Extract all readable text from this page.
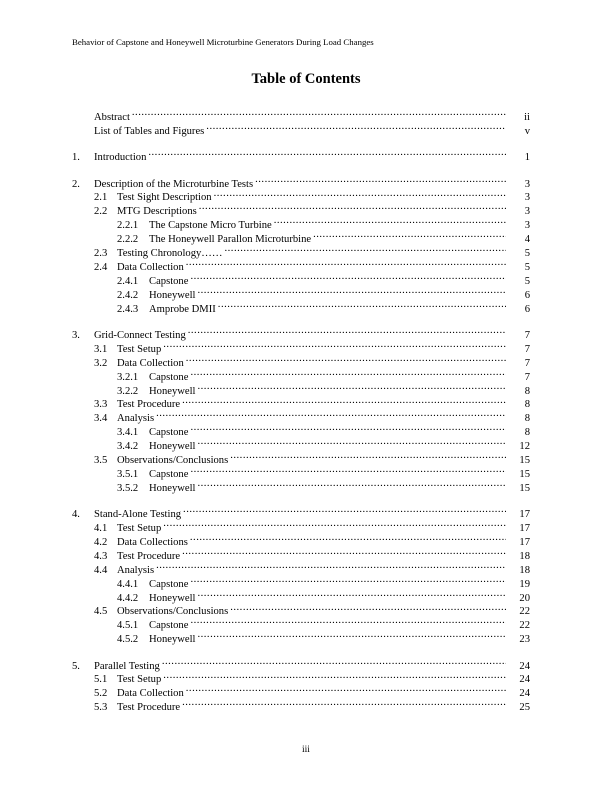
Behavior of Capstone and Honeywell Microturbine Generators During Load Changes
Table of Contents
Abstract .....	ii
List of Tables and Figures .....	v
1.	Introduction .....	1
2.	Description of the Microturbine Tests .....	3
2.1 Test Sight Description .....	3
2.2 MTG Descriptions .....	3
2.2.1	The Capstone Micro Turbine .....	3
2.2.2	The Honeywell Parallon Microturbine .....	4
2.3 Testing Chronology…… .....	5
2.4 Data Collection .....	5
2.4.1	Capstone .....	5
2.4.2	Honeywell .....	6
2.4.3	Amprobe DMII .....	6
3.	Grid-Connect Testing .....	7
3.1 Test Setup .....	7
3.2 Data Collection .....	7
3.2.1	Capstone .....	7
3.2.2	Honeywell .....	8
3.3 Test Procedure .....	8
3.4 Analysis .....	8
3.4.1	Capstone .....	8
3.4.2	Honeywell .....	12
3.5 Observations/Conclusions .....	15
3.5.1	Capstone .....	15
3.5.2	Honeywell .....	15
4.	Stand-Alone Testing .....	17
4.1 Test Setup .....	17
4.2 Data Collections .....	17
4.3 Test Procedure .....	18
4.4 Analysis .....	18
4.4.1	Capstone .....	19
4.4.2	Honeywell .....	20
4.5 Observations/Conclusions .....	22
4.5.1	Capstone .....	22
4.5.2	Honeywell .....	23
5.	Parallel Testing .....	24
5.1 Test Setup .....	24
5.2 Data Collection .....	24
5.3 Test Procedure .....	25
iii
